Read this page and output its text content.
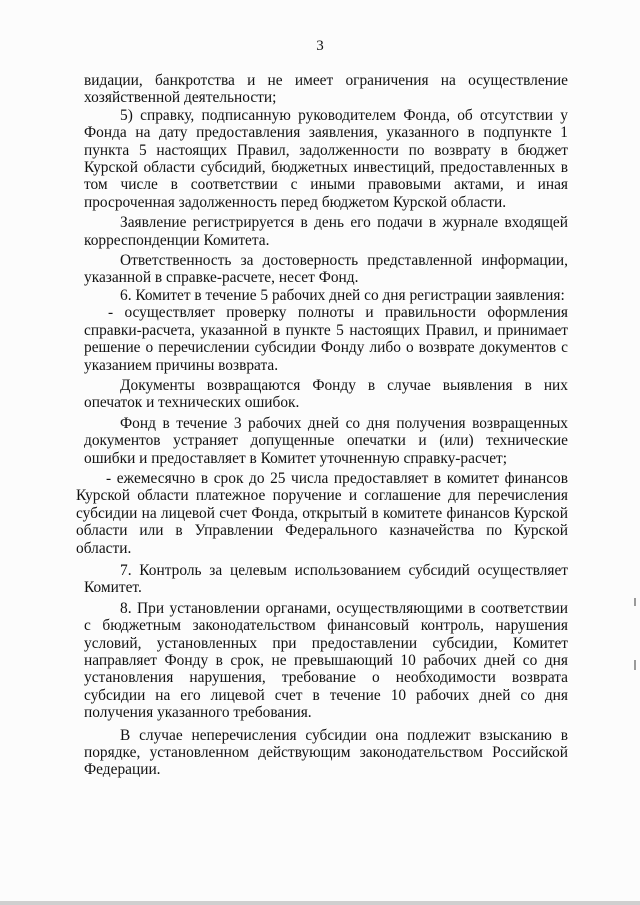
3

видации, банкротства и не имеет ограничения на осуществление хозяйственной деятельности;

5) справку, подписанную руководителем Фонда, об отсутствии у Фонда на дату предоставления заявления, указанного в подпункте 1 пункта 5 настоящих Правил, задолженности по возврату в бюджет Курской области субсидий, бюджетных инвестиций, предоставленных в том числе в соответствии с иными правовыми актами, и иная просроченная задолженность перед бюджетом Курской области.

Заявление регистрируется в день его подачи в журнале входящей корреспонденции Комитета.

Ответственность за достоверность представленной информации, указанной в справке-расчете, несет Фонд.

6. Комитет в течение 5 рабочих дней со дня регистрации заявления:

- осуществляет проверку полноты и правильности оформления справки-расчета, указанной в пункте 5 настоящих Правил, и принимает решение о перечислении субсидии Фонду либо о возврате документов с указанием причины возврата.

Документы возвращаются Фонду в случае выявления в них опечаток и технических ошибок.

Фонд в течение 3 рабочих дней со дня получения возвращенных документов устраняет допущенные опечатки и (или) технические ошибки и предоставляет в Комитет уточненную справку-расчет;

- ежемесячно в срок до 25 числа предоставляет в комитет финансов Курской области платежное поручение и соглашение для перечисления субсидии на лицевой счет Фонда, открытый в комитете финансов Курской области или в Управлении Федерального казначейства по Курской области.

7. Контроль за целевым использованием субсидий осуществляет Комитет.

8. При установлении органами, осуществляющими в соответствии с бюджетным законодательством финансовый контроль, нарушения условий, установленных при предоставлении субсидии, Комитет направляет Фонду в срок, не превышающий 10 рабочих дней со дня установления нарушения, требование о необходимости возврата субсидии на его лицевой счет в течение 10 рабочих дней со дня получения указанного требования.

В случае неперечисления субсидии она подлежит взысканию в порядке, установленном действующим законодательством Российской Федерации.
